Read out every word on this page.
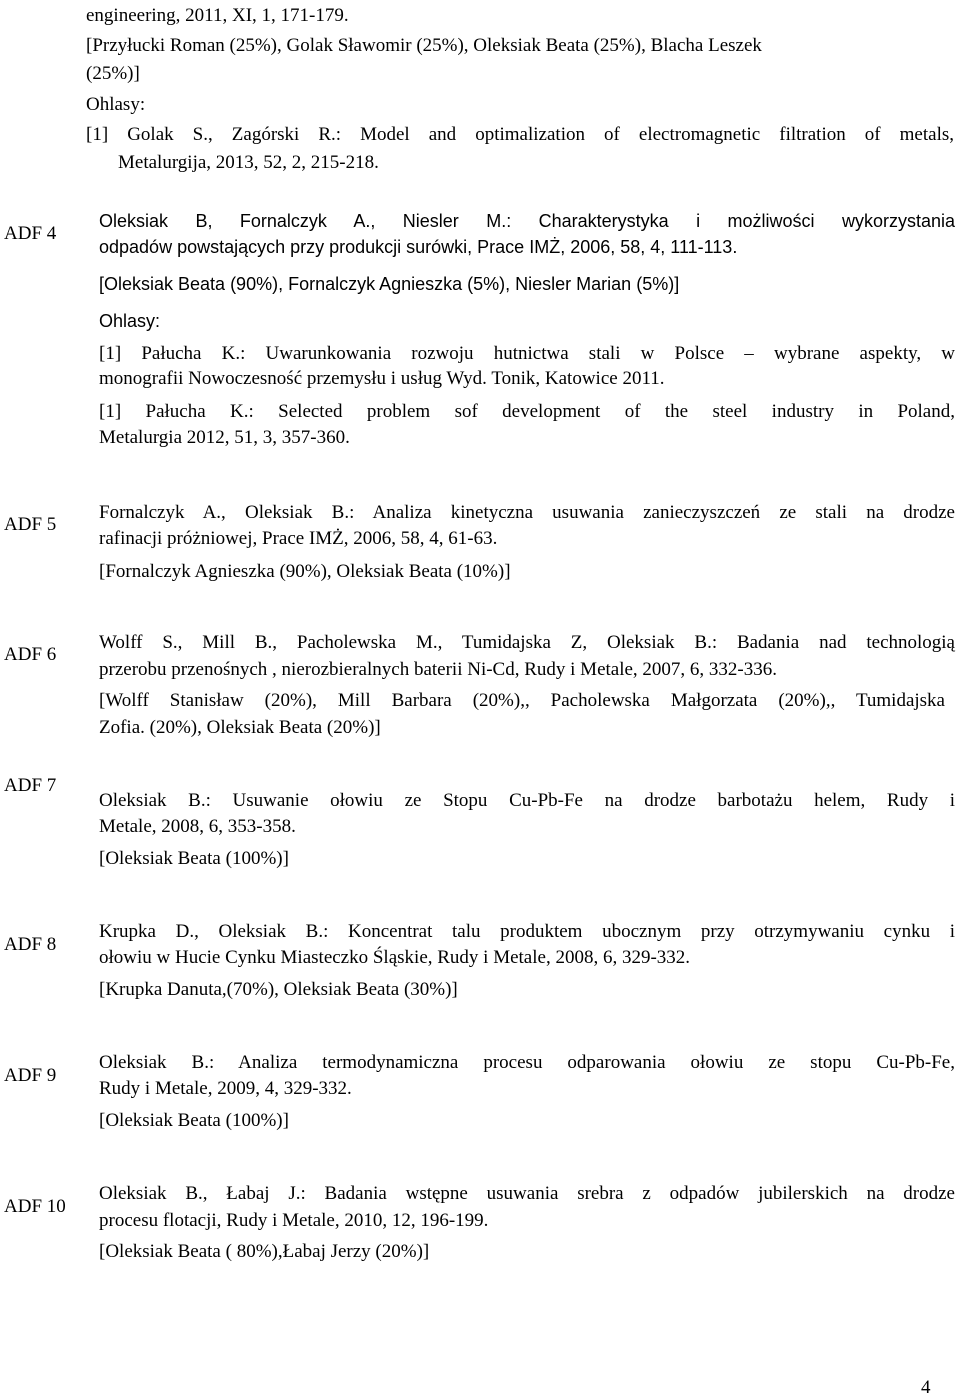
engineering, 2011, XI, 1, 171-179.
[Przyłucki Roman (25%), Golak Sławomir (25%), Oleksiak Beata (25%), Blacha Leszek
(25%)]
Ohlasy:
[1] Golak S., Zagórski R.: Model and optimalization of electromagnetic filtration of metals,
Metalurgija, 2013, 52, 2, 215-218.
ADF 4
Oleksiak B, Fornalczyk A., Niesler M.: Charakterystyka i możliwości wykorzystania
odpadów powstających przy produkcji surówki, Prace IMŻ, 2006, 58, 4, 111-113.
[Oleksiak Beata (90%), Fornalczyk Agnieszka (5%), Niesler Marian (5%)]
Ohlasy:
[1] Pałucha K.: Uwarunkowania rozwoju hutnictwa stali w Polsce – wybrane aspekty, w
monografii Nowoczesność przemysłu i usług Wyd. Tonik, Katowice 2011.
[1] Pałucha K.: Selected problem sof development of the steel industry in Poland,
Metalurgia 2012, 51, 3, 357-360.
ADF 5
Fornalczyk A., Oleksiak B.: Analiza kinetyczna usuwania zanieczyszczeń ze stali na drodze
rafinacji próżniowej, Prace IMŻ, 2006, 58, 4, 61-63.
[Fornalczyk Agnieszka (90%), Oleksiak Beata (10%)]
ADF 6
Wolff S., Mill B., Pacholewska M., Tumidajska Z, Oleksiak B.: Badania nad technologią
przerobu przenośnych , nierozbieralnych baterii Ni-Cd, Rudy i Metale, 2007, 6, 332-336.
[Wolff Stanisław (20%), Mill Barbara (20%),, Pacholewska Małgorzata (20%),, Tumidajska
Zofia. (20%), Oleksiak Beata (20%)]
ADF 7
Oleksiak B.: Usuwanie ołowiu ze Stopu Cu-Pb-Fe na drodze barbotażu helem, Rudy i
Metale, 2008, 6, 353-358.
[Oleksiak Beata (100%)]
ADF 8
Krupka D., Oleksiak B.: Koncentrat talu produktem ubocznym przy otrzymywaniu cynku i
ołowiu w Hucie Cynku Miasteczko Śląskie, Rudy i Metale, 2008, 6, 329-332.
[Krupka Danuta,(70%), Oleksiak Beata (30%)]
ADF 9
Oleksiak B.: Analiza termodynamiczna procesu odparowania ołowiu ze stopu Cu-Pb-Fe,
Rudy i Metale, 2009, 4, 329-332.
[Oleksiak Beata (100%)]
ADF 10
Oleksiak B., Łabaj J.: Badania wstępne usuwania srebra z odpadów jubilerskich na drodze
procesu flotacji, Rudy i Metale, 2010, 12, 196-199.
[Oleksiak Beata ( 80%),Łabaj Jerzy (20%)]
4
